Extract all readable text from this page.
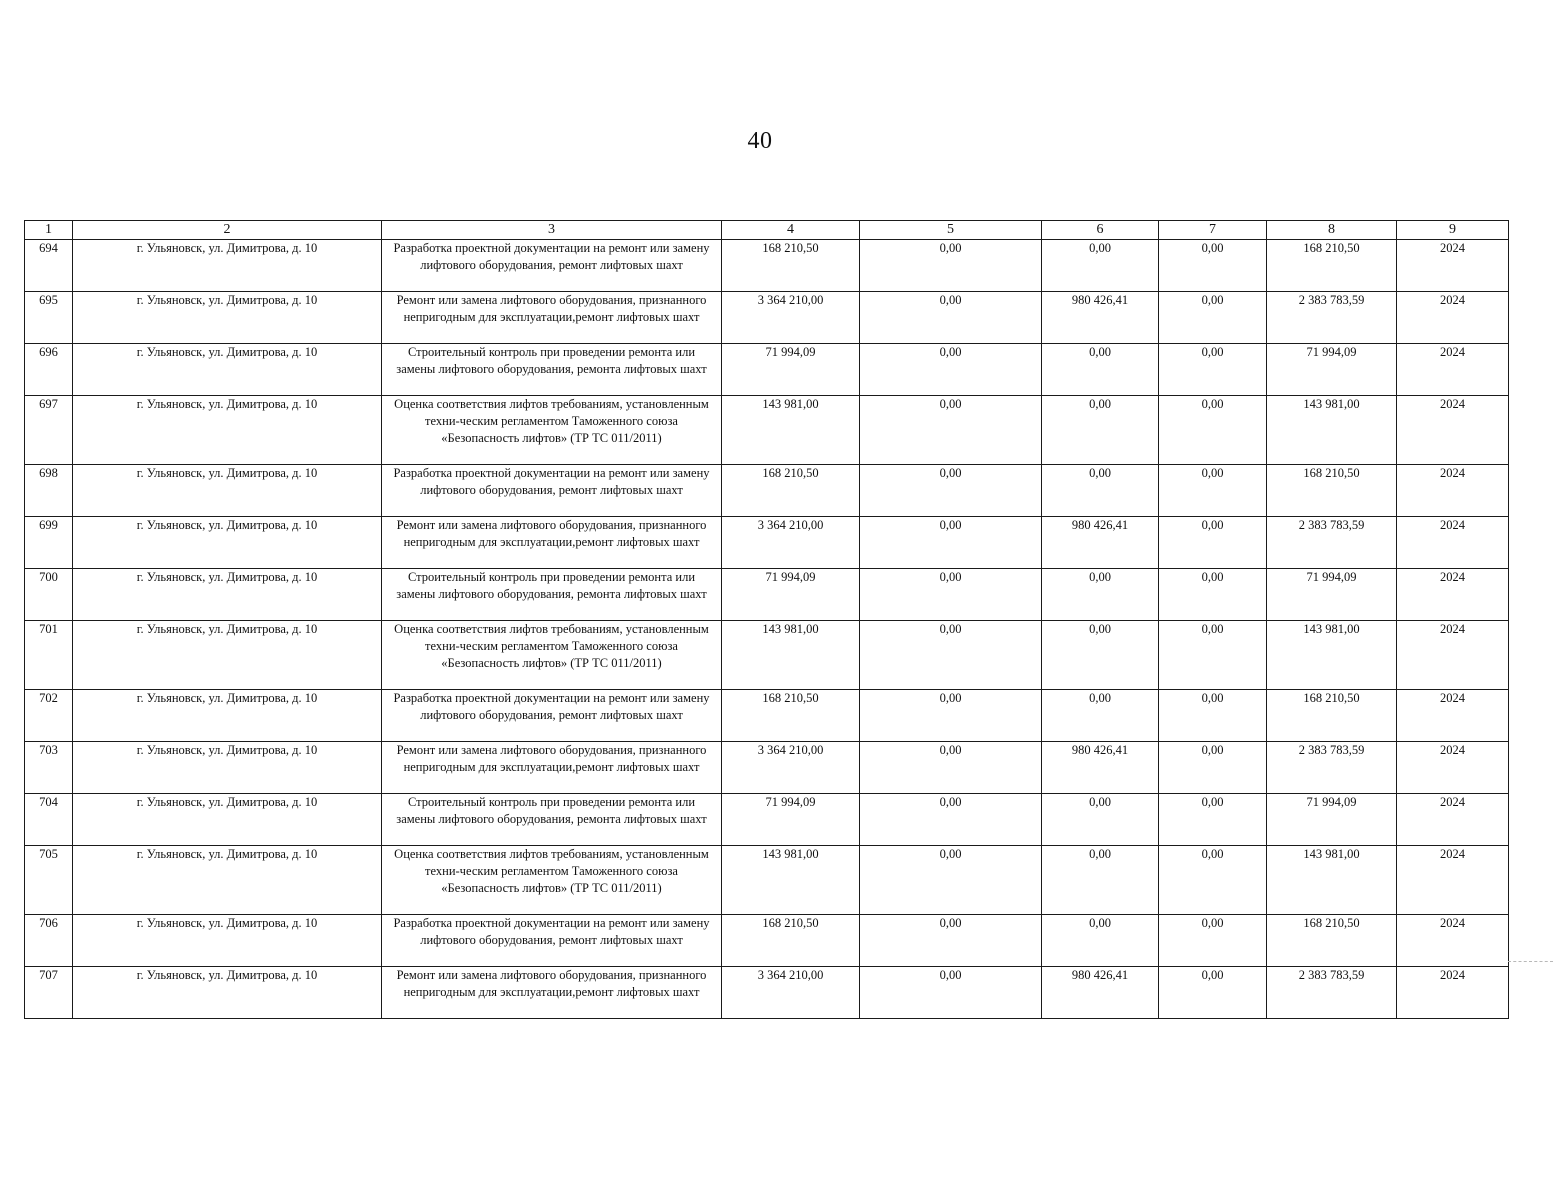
40
1	2	3	4	5	6	7	8	9
694	г. Ульяновск, ул. Димитрова, д. 10	Разработка проектной документации на ремонт или замену лифтового оборудования, ремонт лифтовых шахт	168 210,50	0,00	0,00	0,00	168 210,50	2024
695	г. Ульяновск, ул. Димитрова, д. 10	Ремонт или замена лифтового оборудования, признанного непригодным для эксплуатации,ремонт лифтовых шахт	3 364 210,00	0,00	980 426,41	0,00	2 383 783,59	2024
696	г. Ульяновск, ул. Димитрова, д. 10	Строительный контроль при проведении ремонта или замены лифтового оборудования, ремонта лифтовых шахт	71 994,09	0,00	0,00	0,00	71 994,09	2024
697	г. Ульяновск, ул. Димитрова, д. 10	Оценка соответствия лифтов требованиям, установленным техни-ческим регламентом Таможенного союза «Безопасность лифтов» (ТР ТС 011/2011)	143 981,00	0,00	0,00	0,00	143 981,00	2024
698	г. Ульяновск, ул. Димитрова, д. 10	Разработка проектной документации на ремонт или замену лифтового оборудования, ремонт лифтовых шахт	168 210,50	0,00	0,00	0,00	168 210,50	2024
699	г. Ульяновск, ул. Димитрова, д. 10	Ремонт или замена лифтового оборудования, признанного непригодным для эксплуатации,ремонт лифтовых шахт	3 364 210,00	0,00	980 426,41	0,00	2 383 783,59	2024
700	г. Ульяновск, ул. Димитрова, д. 10	Строительный контроль при проведении ремонта или замены лифтового оборудования, ремонта лифтовых шахт	71 994,09	0,00	0,00	0,00	71 994,09	2024
701	г. Ульяновск, ул. Димитрова, д. 10	Оценка соответствия лифтов требованиям, установленным техни-ческим регламентом Таможенного союза «Безопасность лифтов» (ТР ТС 011/2011)	143 981,00	0,00	0,00	0,00	143 981,00	2024
702	г. Ульяновск, ул. Димитрова, д. 10	Разработка проектной документации на ремонт или замену лифтового оборудования, ремонт лифтовых шахт	168 210,50	0,00	0,00	0,00	168 210,50	2024
703	г. Ульяновск, ул. Димитрова, д. 10	Ремонт или замена лифтового оборудования, признанного непригодным для эксплуатации,ремонт лифтовых шахт	3 364 210,00	0,00	980 426,41	0,00	2 383 783,59	2024
704	г. Ульяновск, ул. Димитрова, д. 10	Строительный контроль при проведении ремонта или замены лифтового оборудования, ремонта лифтовых шахт	71 994,09	0,00	0,00	0,00	71 994,09	2024
705	г. Ульяновск, ул. Димитрова, д. 10	Оценка соответствия лифтов требованиям, установленным техни-ческим регламентом Таможенного союза «Безопасность лифтов» (ТР ТС 011/2011)	143 981,00	0,00	0,00	0,00	143 981,00	2024
706	г. Ульяновск, ул. Димитрова, д. 10	Разработка проектной документации на ремонт или замену лифтового оборудования, ремонт лифтовых шахт	168 210,50	0,00	0,00	0,00	168 210,50	2024
707	г. Ульяновск, ул. Димитрова, д. 10	Ремонт или замена лифтового оборудования, признанного непригодным для эксплуатации,ремонт лифтовых шахт	3 364 210,00	0,00	980 426,41	0,00	2 383 783,59	2024
